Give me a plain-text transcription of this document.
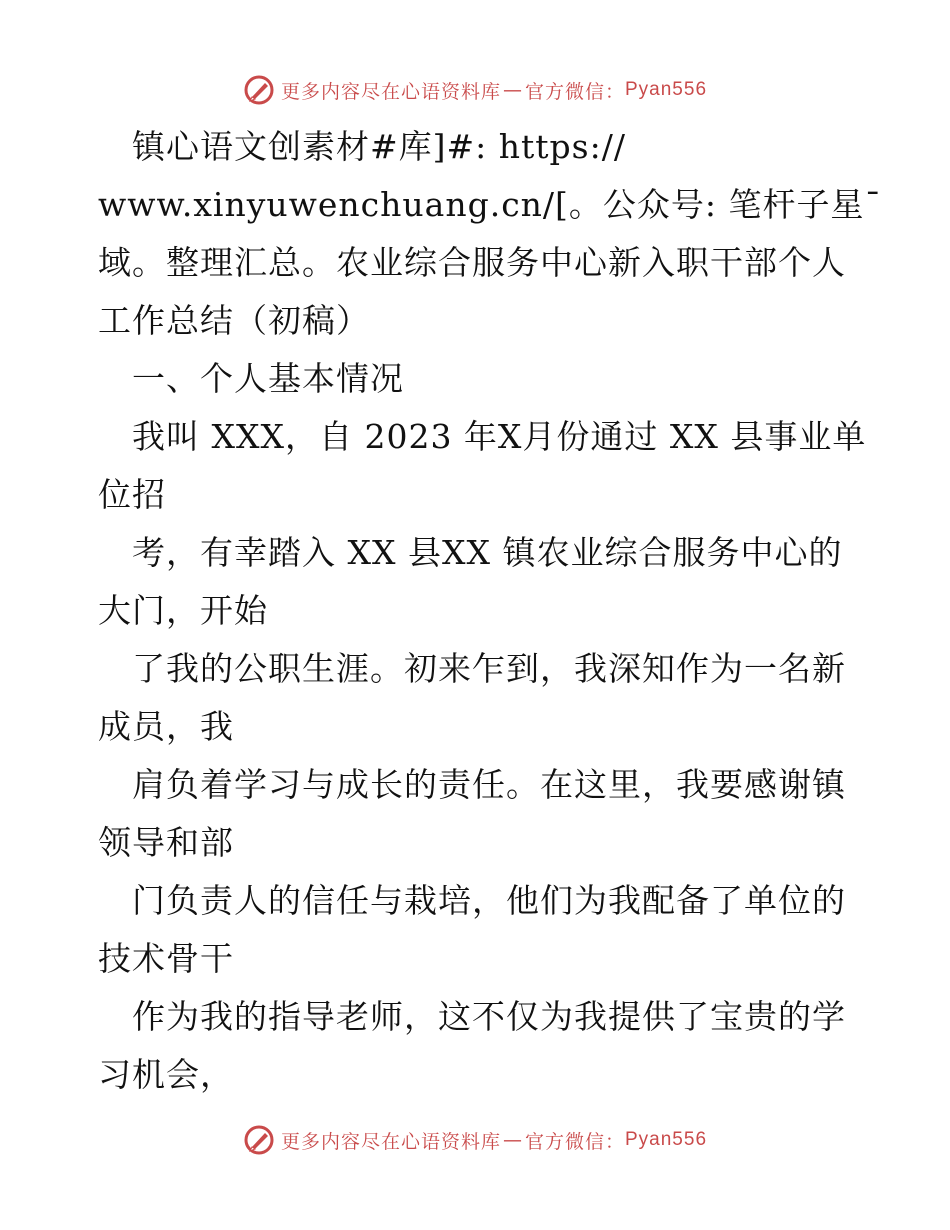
更多内容尽在心语资料库 — 官方微信： Pyan556
　镇心语文创素材#库]#: https://
www.xinyuwenchuang.cn/[。公众号: 笔杆子星¯
域。整理汇总。农业综合服务中心新入职干部个人
工作总结（初稿）
　一、个人基本情况
　我叫 XXX，自 2023 年X月份通过 XX 县事业单
位招
　考，有幸踏入 XX 县XX 镇农业综合服务中心的
大门，开始
　了我的公职生涯。初来乍到，我深知作为一名新
成员，我
　肩负着学习与成长的责任。在这里，我要感谢镇
领导和部
　门负责人的信任与栽培，他们为我配备了单位的
技术骨干
　作为我的指导老师，这不仅为我提供了宝贵的学
习机会，
更多内容尽在心语资料库 — 官方微信： Pyan556
